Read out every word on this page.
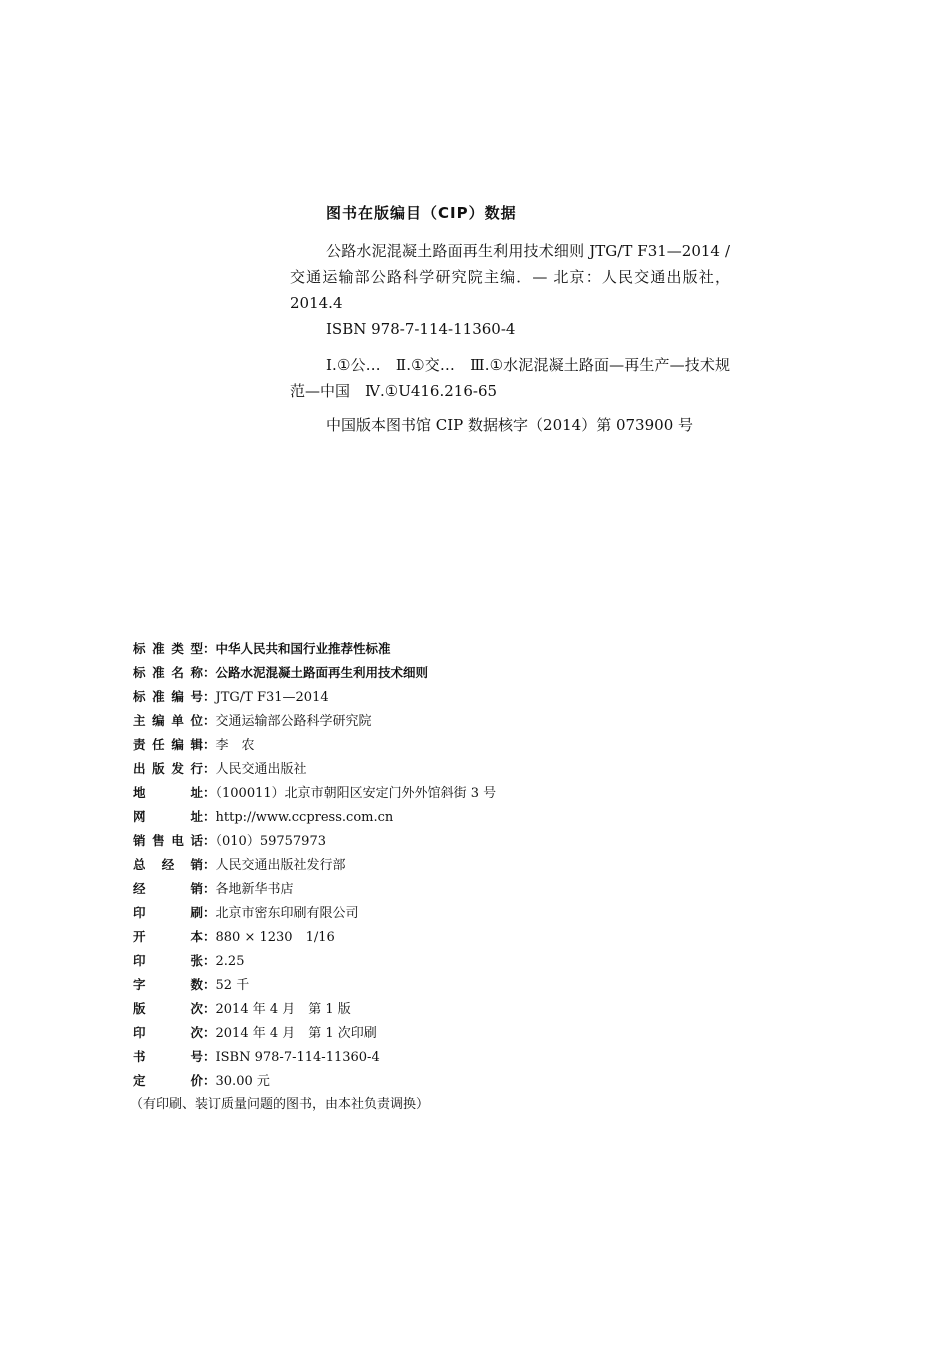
图书在版编目（CIP）数据

公路水泥混凝土路面再生利用技术细则 JTG/T F31—2014 / 交通运输部公路科学研究院主编．— 北京：人民交通出版社，2014.4

ISBN 978-7-114-11360-4

Ⅰ.①公…　Ⅱ.①交…　Ⅲ.①水泥混凝土路面—再生产—技术规范—中国　Ⅳ.①U416.216-65

中国版本图书馆 CIP 数据核字（2014）第 073900 号

标准类型：中华人民共和国行业推荐性标准
标准名称：公路水泥混凝土路面再生利用技术细则
标准编号：JTG/T F31—2014
主编单位：交通运输部公路科学研究院
责任编辑：李　农
出版发行：人民交通出版社
地址：（100011）北京市朝阳区安定门外外馆斜街 3 号
网址：http://www.ccpress.com.cn
销售电话：（010）59757973
总经销：人民交通出版社发行部
经销：各地新华书店
印刷：北京市密东印刷有限公司
开本：880 × 1230　1/16
印张：2.25
字数：52 千
版次：2014 年 4 月　第 1 版
印次：2014 年 4 月　第 1 次印刷
书号：ISBN 978-7-114-11360-4
定价：30.00 元
（有印刷、装订质量问题的图书，由本社负责调换）
